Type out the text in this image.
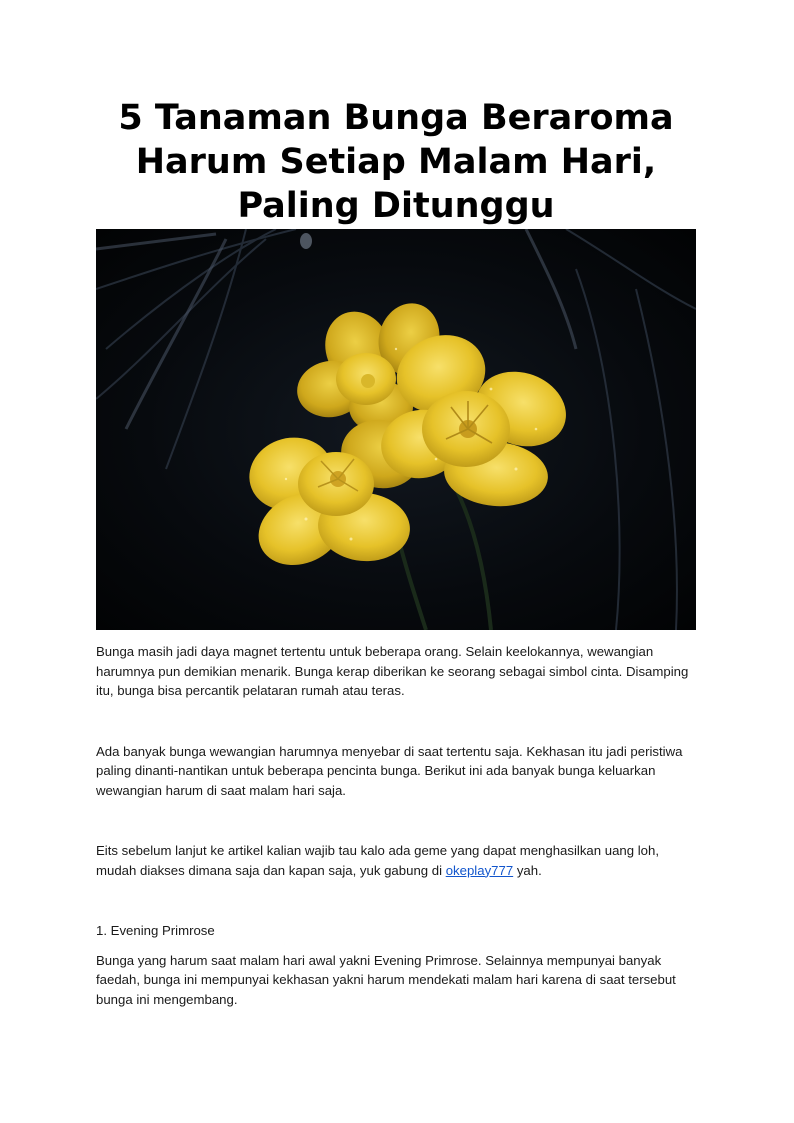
5 Tanaman Bunga Beraroma Harum Setiap Malam Hari, Paling Ditunggu

Bunga masih jadi daya magnet tertentu untuk beberapa orang. Selain keelokannya, wewangian harumnya pun demikian menarik. Bunga kerap diberikan ke seorang sebagai simbol cinta. Disamping itu, bunga bisa percantik pelataran rumah atau teras.

Ada banyak bunga wewangian harumnya menyebar di saat tertentu saja. Kekhasan itu jadi peristiwa paling dinanti-nantikan untuk beberapa pencinta bunga. Berikut ini ada banyak bunga keluarkan wewangian harum di saat malam hari saja.

Eits sebelum lanjut ke artikel kalian wajib tau kalo ada geme yang dapat menghasilkan uang loh, mudah diakses dimana saja dan kapan saja, yuk gabung di okeplay777 yah.

1. Evening Primrose

Bunga yang harum saat malam hari awal yakni Evening Primrose. Selainnya mempunyai banyak faedah, bunga ini mempunyai kekhasan yakni harum mendekati malam hari karena di saat tersebut bunga ini mengembang.
